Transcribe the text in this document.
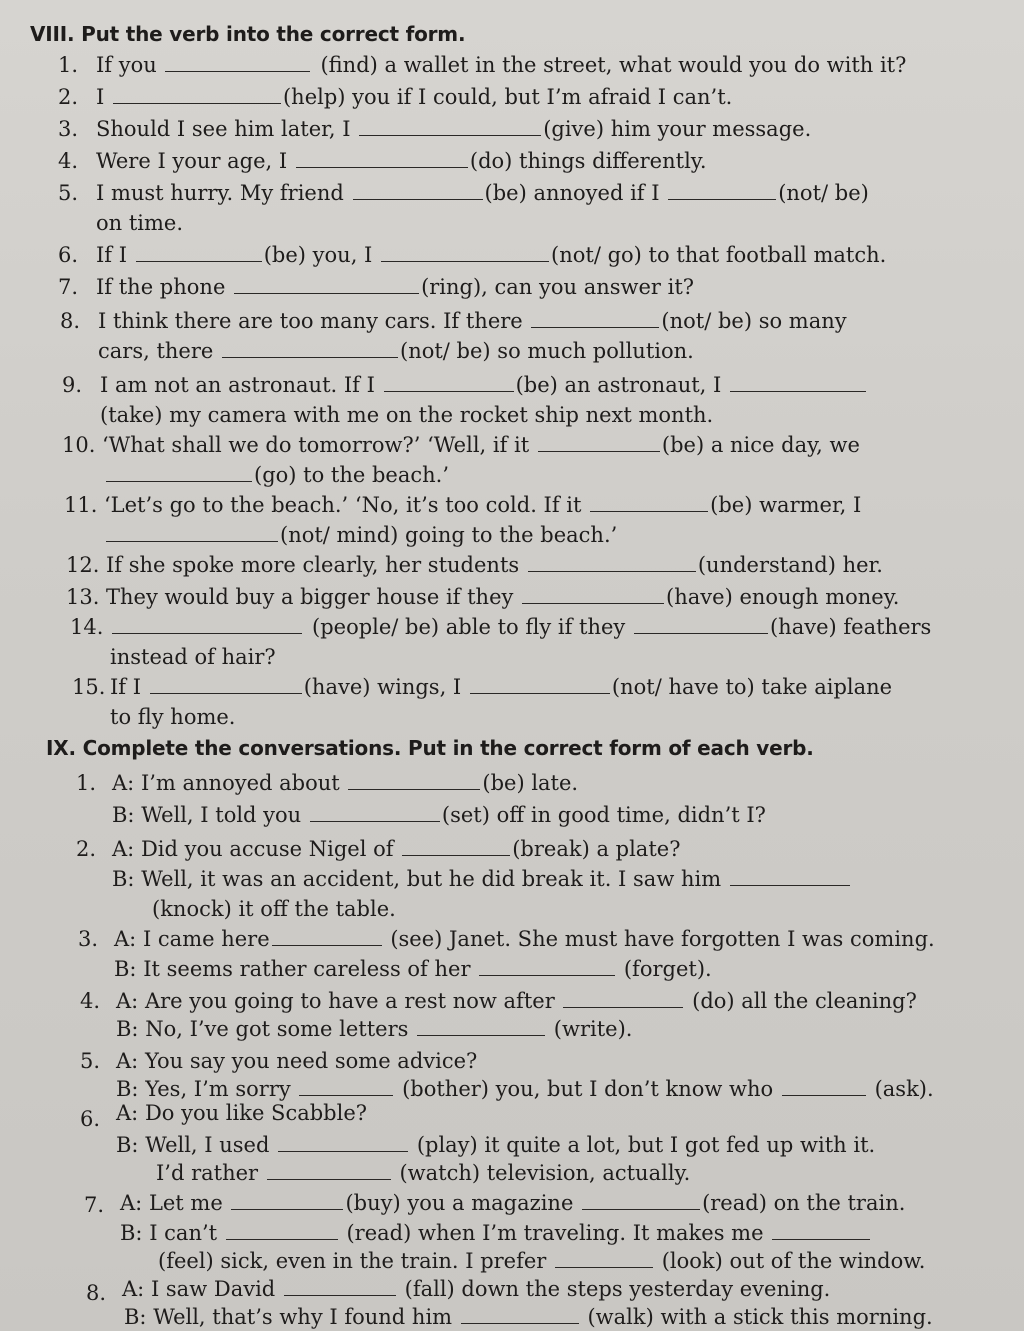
VIII. Put the verb into the correct form.
1. If you	(find) a wallet in the street, what would you do with it?
2. I	(help) you if I could, but I’m afraid I can’t.
3. Should I see him later, I	(give) him your message.
4. Were I your age, I	(do) things differently.
5. I must hurry. My friend	(be) annoyed if I	(not/ be)
on time.
6. If I	(be) you, I	(not/ go) to that football match.
7. If the phone	(ring), can you answer it?
8. I think there are too many cars. If there	(not/ be) so many
cars, there	(not/ be) so much pollution.
9. I am not an astronaut. If I	(be) an astronaut, I
(take) my camera with me on the rocket ship next month.
10. ‘What shall we do tomorrow?’ ‘Well, if it	(be) a nice day, we
(go) to the beach.’
11. ‘Let’s go to the beach.’ ‘No, it’s too cold. If it	(be) warmer, I
(not/ mind) going to the beach.’
12. If she spoke more clearly, her students	(understand) her.
13. They would buy a bigger house if they	(have) enough money.
14.	(people/ be) able to fly if they	(have) feathers
instead of hair?
15. If I	(have) wings, I	(not/ have to) take aiplane
to fly home.
IX. Complete the conversations. Put in the correct form of each verb.
1. A: I’m annoyed about	(be) late.
B: Well, I told you	(set) off in good time, didn’t I?
2. A: Did you accuse Nigel of	(break) a plate?
B: Well, it was an accident, but he did break it. I saw him
(knock) it off the table.
3. A: I came here	(see) Janet. She must have forgotten I was coming.
B: It seems rather careless of her	(forget).
4. A: Are you going to have a rest now after	(do) all the cleaning?
B: No, I’ve got some letters	(write).
5. A: You say you need some advice?
B: Yes, I’m sorry	(bother) you, but I don’t know who	(ask).
6. A: Do you like Scabble?
B: Well, I used	(play) it quite a lot, but I got fed up with it.
I’d rather	(watch) television, actually.
7. A: Let me	(buy) you a magazine	(read) on the train.
B: I can’t	(read) when I’m traveling. It makes me
(feel) sick, even in the train. I prefer	(look) out of the window.
8. A: I saw David	(fall) down the steps yesterday evening.
B: Well, that’s why I found him	(walk) with a stick this morning.
